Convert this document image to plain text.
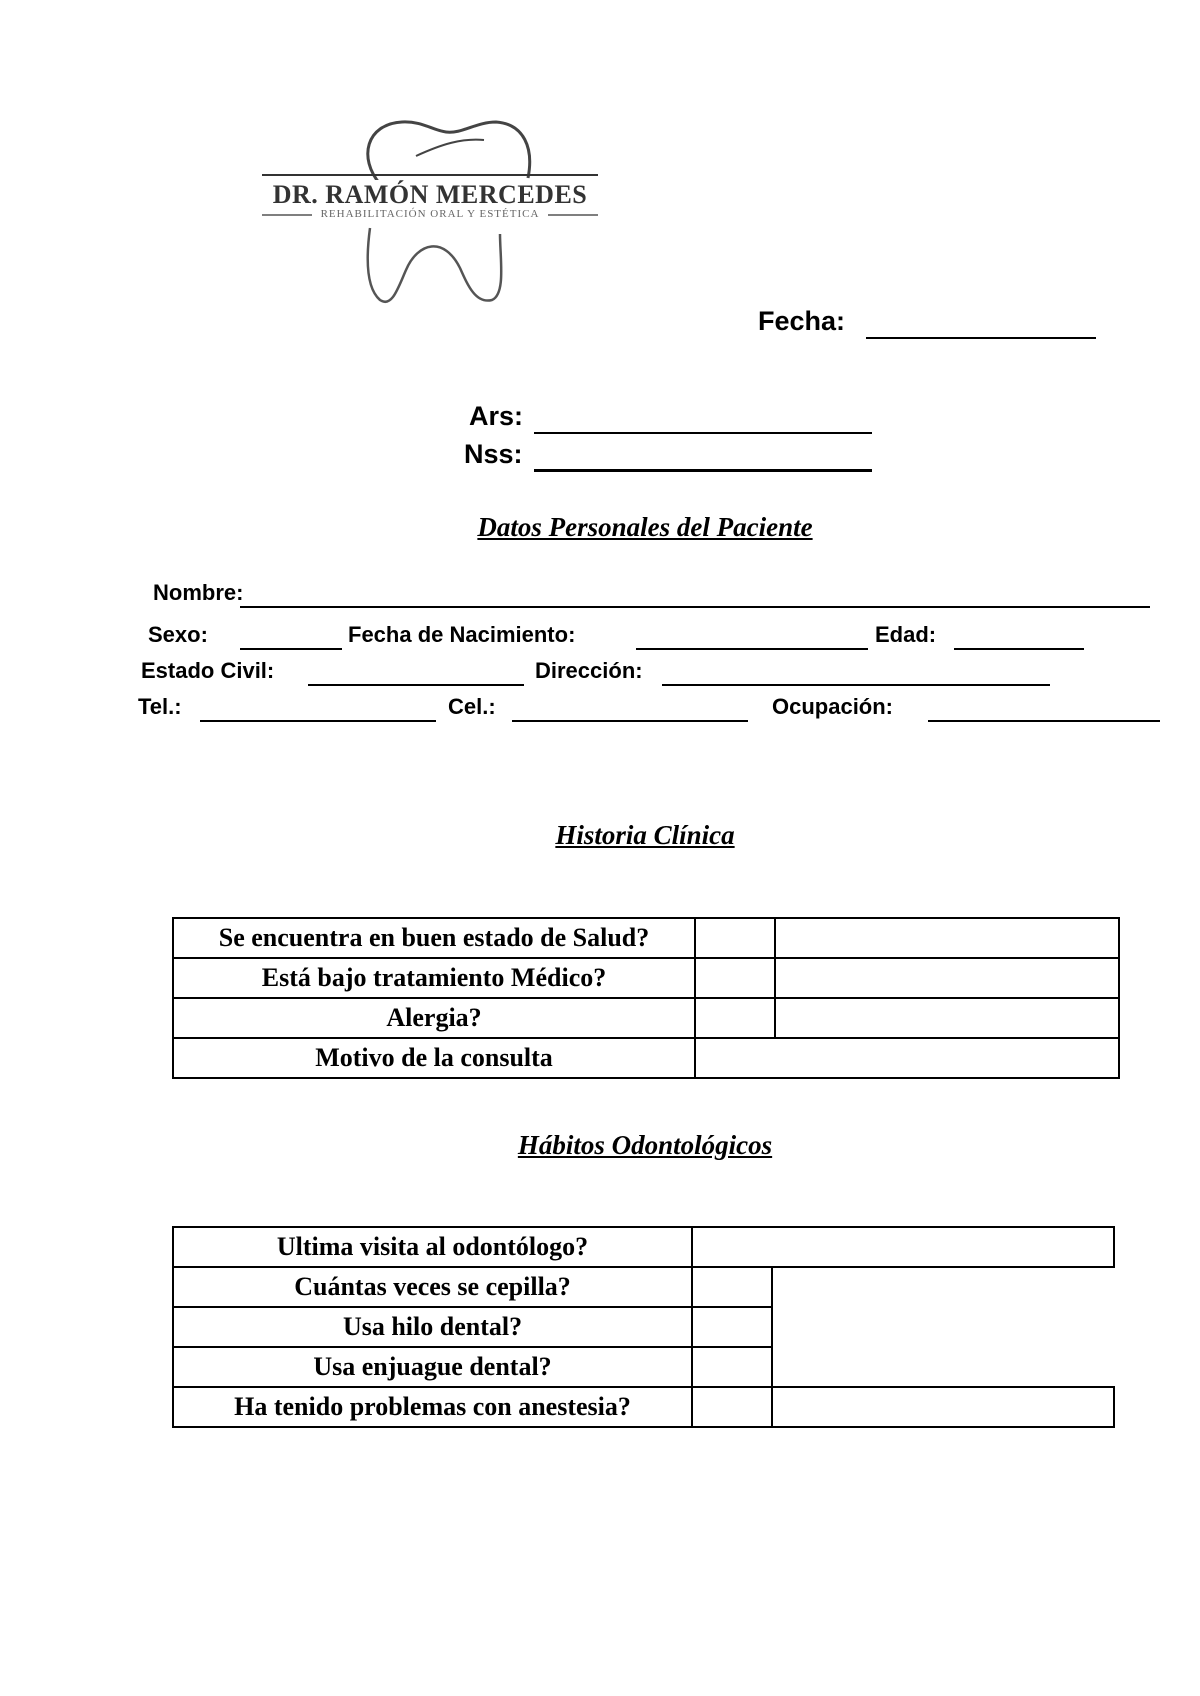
DR. RAMÓN MERCEDES
REHABILITACIÓN ORAL Y ESTÉTICA
Fecha:
Ars:
Nss:
Datos Personales del Paciente
Nombre:
Sexo:	Fecha de Nacimiento:	Edad:
Estado Civil:	Dirección:
Tel.:	Cel.:	Ocupación:
Historia Clínica
Se encuentra en buen estado de Salud?		
Está bajo tratamiento Médico?		
Alergia?		
Motivo de la consulta		
Hábitos Odontológicos
Ultima visita al odontólogo?		
Cuántas veces se cepilla?		
Usa hilo dental?		
Usa enjuague dental?		
Ha tenido problemas con anestesia?		
